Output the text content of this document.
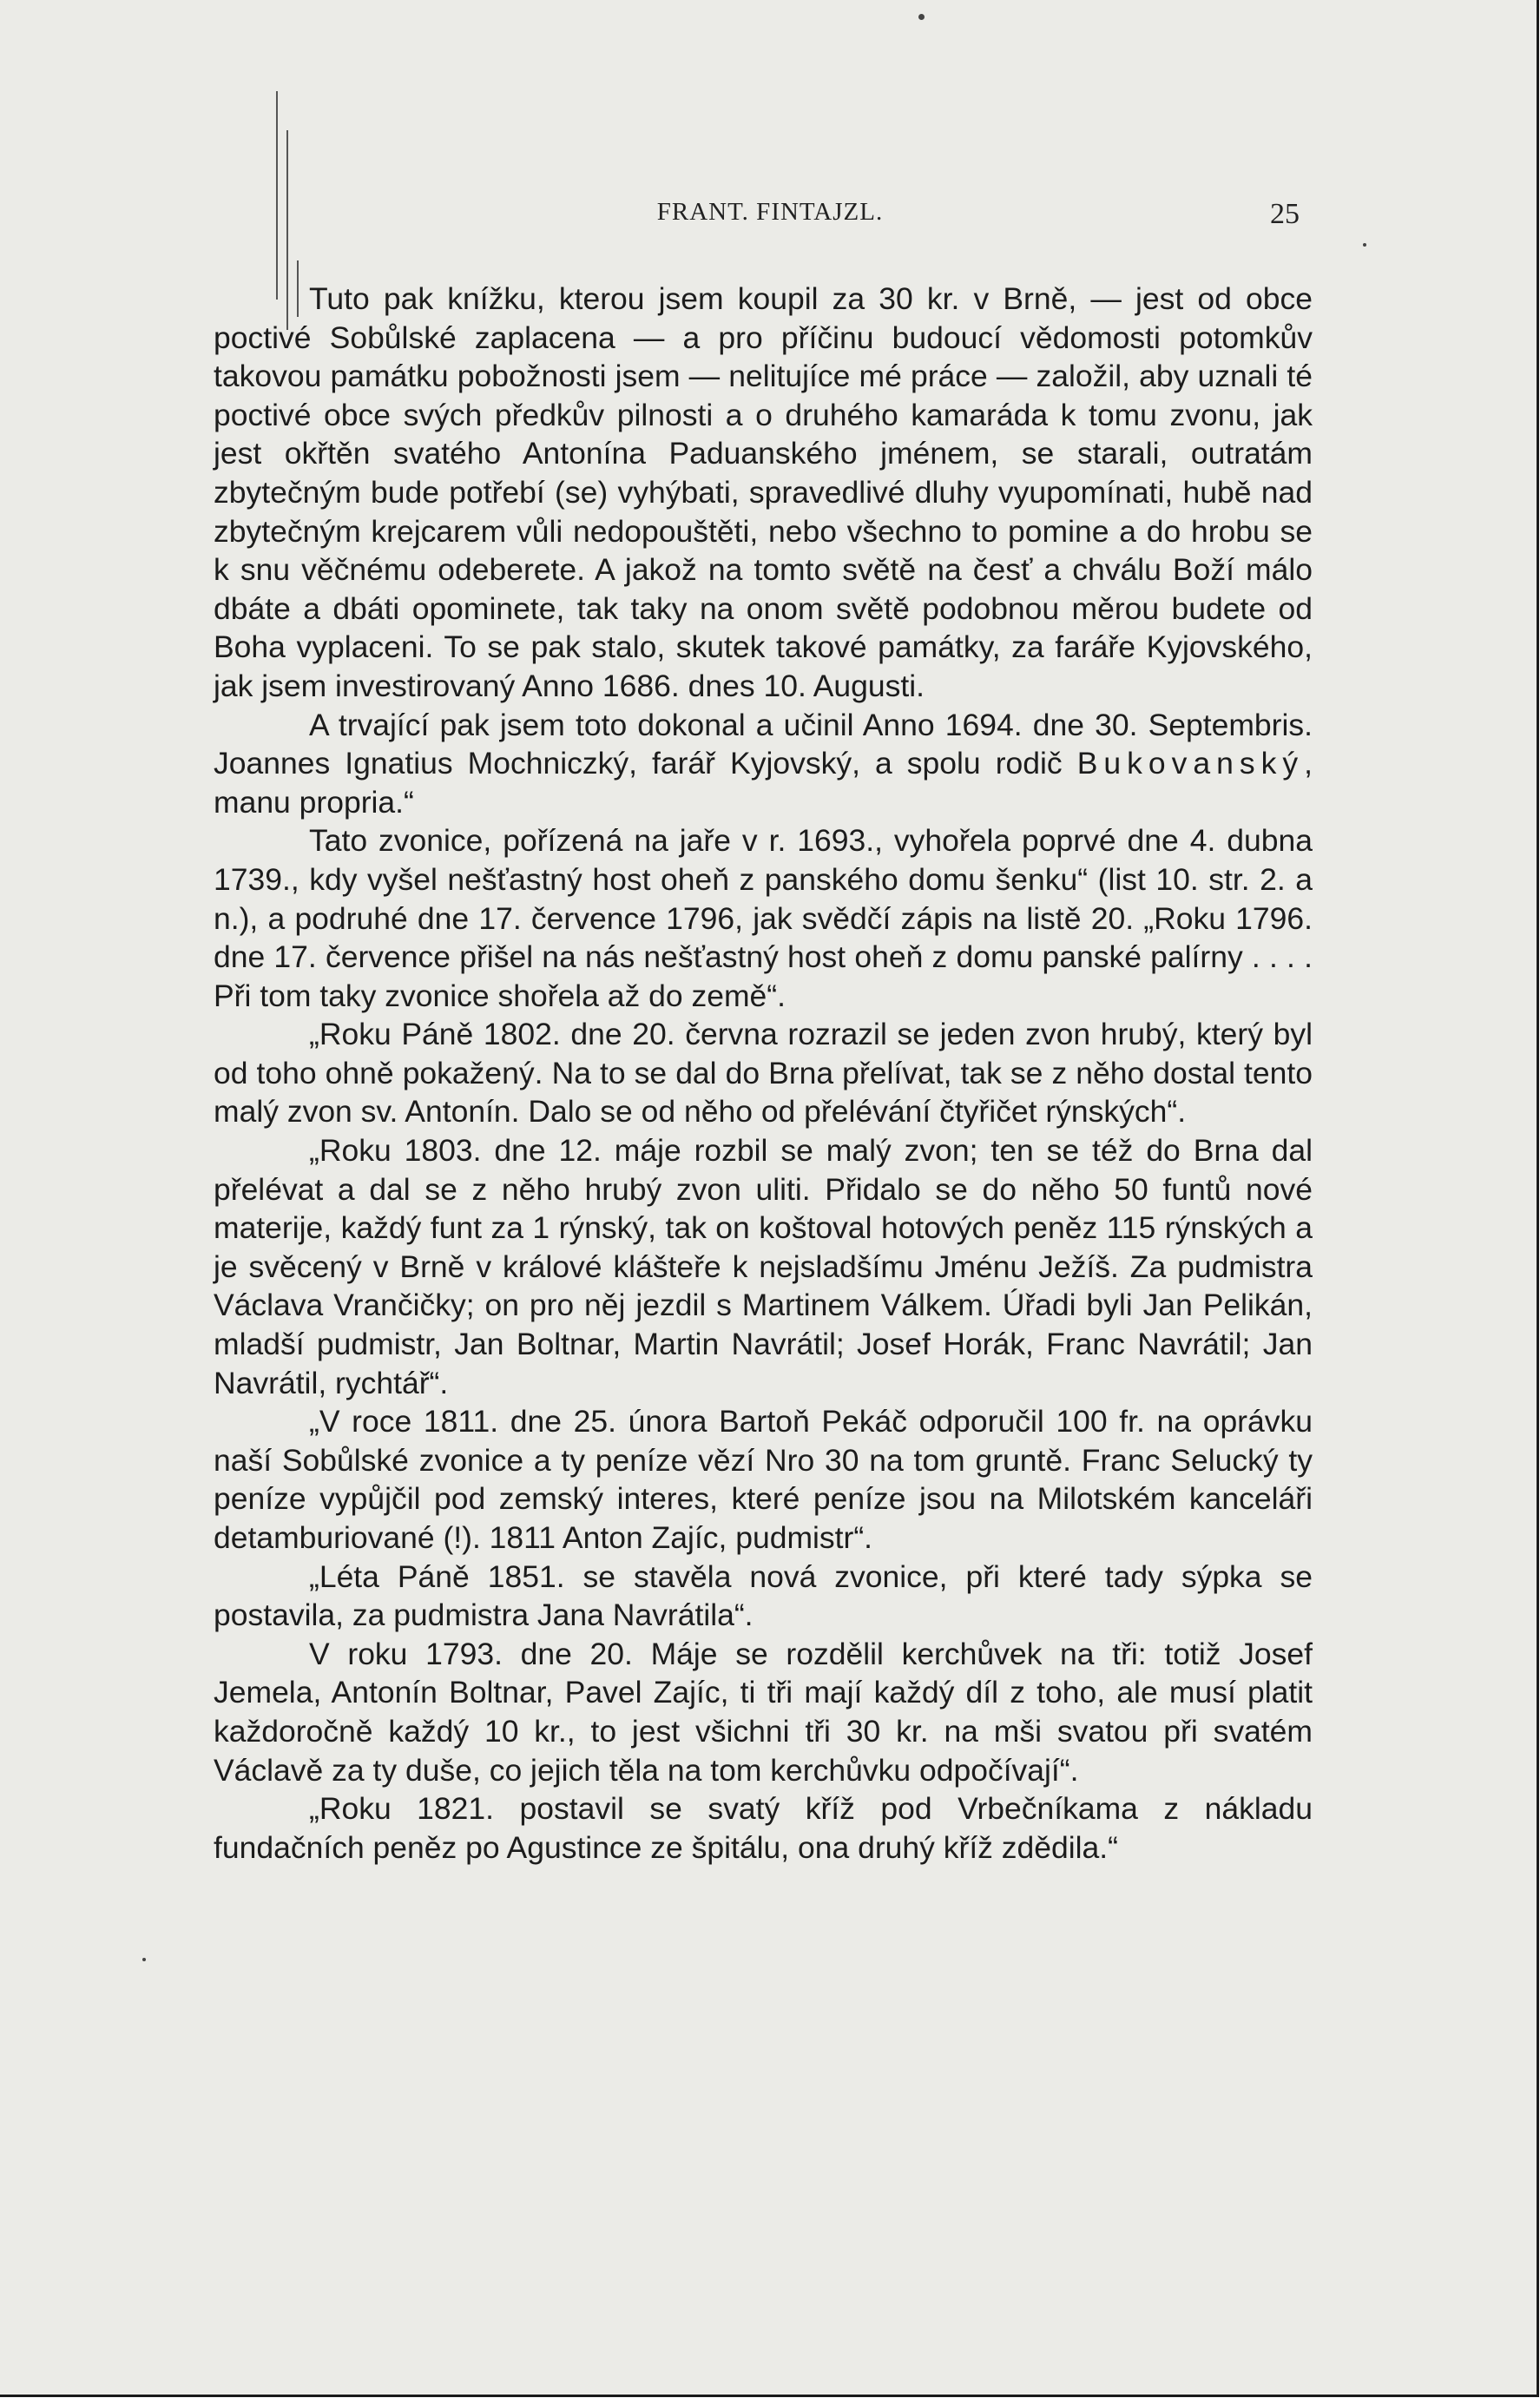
FRANT. FINTAJZL.	25

Tuto pak knížku, kterou jsem koupil za 30 kr. v Brně, — jest od obce poctivé Sobůlské zaplacena — a pro příčinu budoucí vědomosti potomkův takovou památku pobožnosti jsem — nelitujíce mé práce — založil, aby uznali té poctivé obce svých předkův pilnosti a o druhého kamaráda k tomu zvonu, jak jest okřtěn svatého Antonína Paduanského jménem, se starali, outratám zbytečným bude potřebí (se) vyhýbati, spravedlivé dluhy vyupomínati, hubě nad zbytečným krejcarem vůli nedopouštěti, nebo všechno to pomine a do hrobu se k snu věčnému odeberete. A jakož na tomto světě na česť a chválu Boží málo dbáte a dbáti opominete, tak taky na onom světě podobnou měrou budete od Boha vyplaceni. To se pak stalo, skutek takové památky, za faráře Kyjovského, jak jsem investirovaný Anno 1686. dnes 10. Augusti.

A trvající pak jsem toto dokonal a učinil Anno 1694. dne 30. Septembris. Joannes Ignatius Mochniczký, farář Kyjovský, a spolu rodič Bukovanský, manu propria.“

Tato zvonice, pořízená na jaře v r. 1693., vyhořela poprvé dne 4. dubna 1739., kdy vyšel nešťastný host oheň z panského domu šenku“ (list 10. str. 2. a n.), a podruhé dne 17. července 1796, jak svědčí zápis na listě 20. „Roku 1796. dne 17. července přišel na nás nešťastný host oheň z domu panské palírny . . . . Při tom taky zvonice shořela až do země“.

„Roku Páně 1802. dne 20. června rozrazil se jeden zvon hrubý, který byl od toho ohně pokažený. Na to se dal do Brna přelívat, tak se z něho dostal tento malý zvon sv. Antonín. Dalo se od něho od přelévání čtyřičet rýnských“.

„Roku 1803. dne 12. máje rozbil se malý zvon; ten se též do Brna dal přelévat a dal se z něho hrubý zvon uliti. Přidalo se do něho 50 funtů nové materije, každý funt za 1 rýnský, tak on koštoval hotových peněz 115 rýnských a je svěcený v Brně v králové klášteře k nejsladšímu Jménu Ježíš. Za pudmistra Václava Vrančičky; on pro něj jezdil s Martinem Válkem. Úřadi byli Jan Pelikán, mladší pudmistr, Jan Boltnar, Martin Navrátil; Josef Horák, Franc Navrátil; Jan Navrátil, rychtář“.

„V roce 1811. dne 25. února Bartoň Pekáč odporučil 100 fr. na oprávku naší Sobůlské zvonice a ty peníze vězí Nro 30 na tom gruntě. Franc Selucký ty peníze vypůjčil pod zemský interes, které peníze jsou na Milotském kanceláři detamburiované (!). 1811 Anton Zajíc, pudmistr“.

„Léta Páně 1851. se stavěla nová zvonice, při které tady sýpka se postavila, za pudmistra Jana Navrátila“.

V roku 1793. dne 20. Máje se rozdělil kerchůvek na tři: totiž Josef Jemela, Antonín Boltnar, Pavel Zajíc, ti tři mají každý díl z toho, ale musí platit každoročně každý 10 kr., to jest všichni tři 30 kr. na mši svatou při svatém Václavě za ty duše, co jejich těla na tom kerchůvku odpočívají“.

„Roku 1821. postavil se svatý kříž pod Vrbečníkama z nákladu fundačních peněz po Agustince ze špitálu, ona druhý kříž zdědila.“
